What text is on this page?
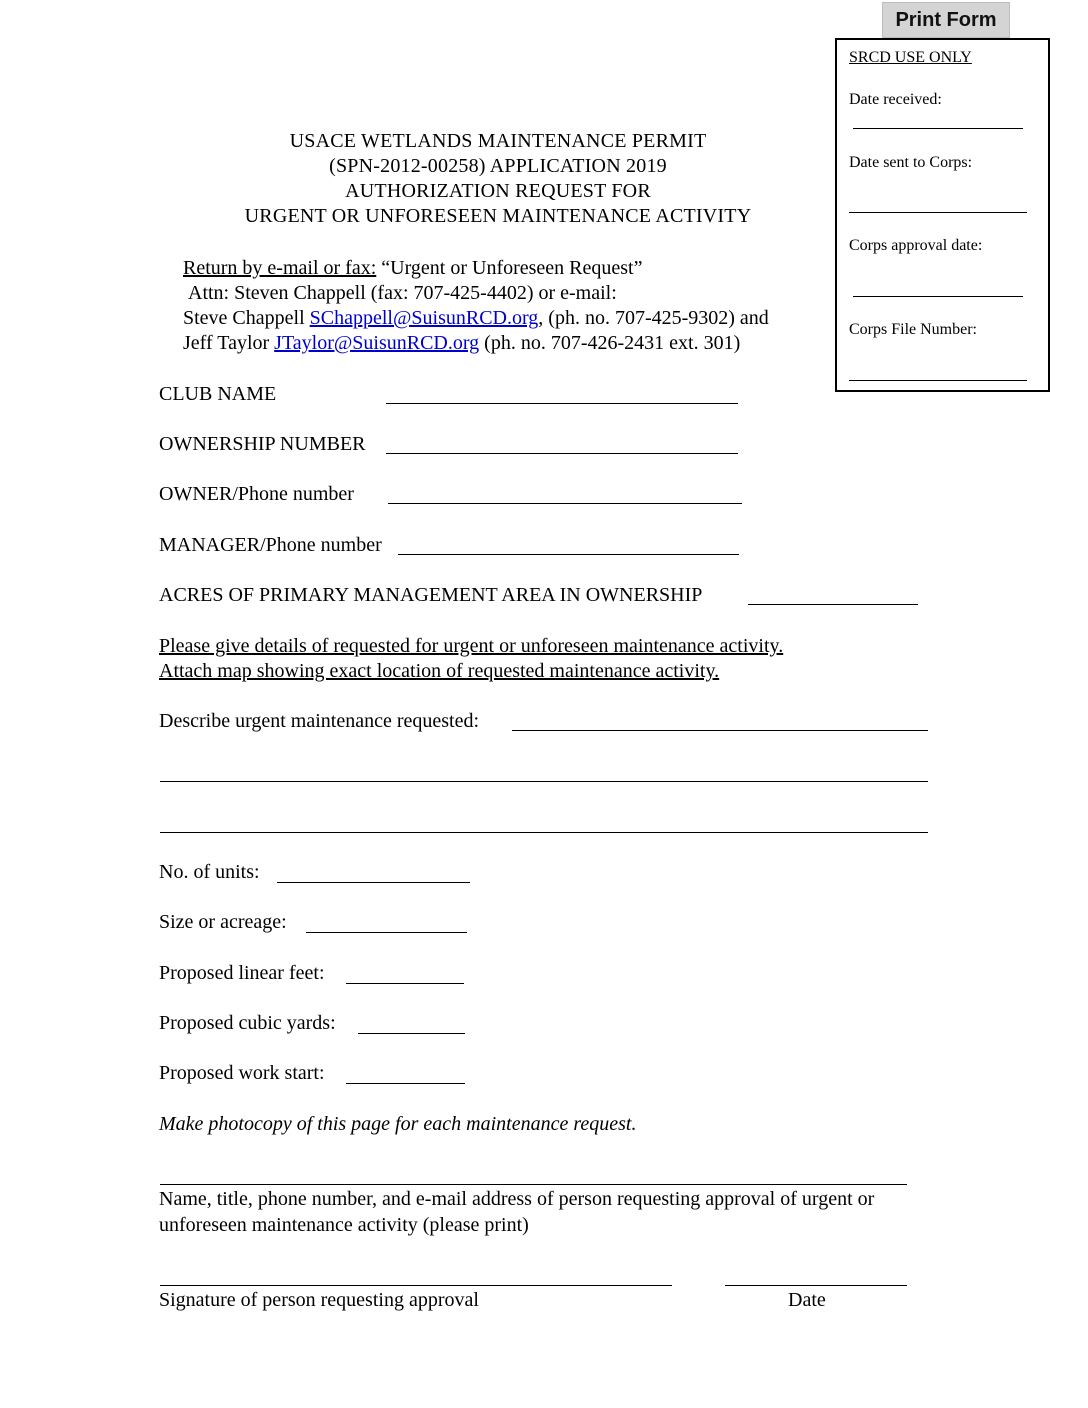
Print Form
SRCD USE ONLY
Date received:
Date sent to Corps:
Corps approval date:
Corps File Number:
USACE WETLANDS MAINTENANCE PERMIT
(SPN-2012-00258) APPLICATION 2019
AUTHORIZATION REQUEST FOR
URGENT OR UNFORESEEN MAINTENANCE ACTIVITY
Return by e-mail or fax: “Urgent or Unforeseen Request”
Attn: Steven Chappell (fax: 707-425-4402) or e-mail:
Steve Chappell SChappell@SuisunRCD.org, (ph. no. 707-425-9302) and
Jeff Taylor JTaylor@SuisunRCD.org (ph. no. 707-426-2431 ext. 301)
CLUB NAME
OWNERSHIP NUMBER
OWNER/Phone number
MANAGER/Phone number
ACRES OF PRIMARY MANAGEMENT AREA IN OWNERSHIP
Please give details of requested for urgent or unforeseen maintenance activity.
Attach map showing exact location of requested maintenance activity.
Describe urgent maintenance requested:
No. of units:
Size or acreage:
Proposed linear feet:
Proposed cubic yards:
Proposed work start:
Make photocopy of this page for each maintenance request.
Name, title, phone number, and e-mail address of person requesting approval of urgent or
unforeseen maintenance activity (please print)
Signature of person requesting approval	Date
